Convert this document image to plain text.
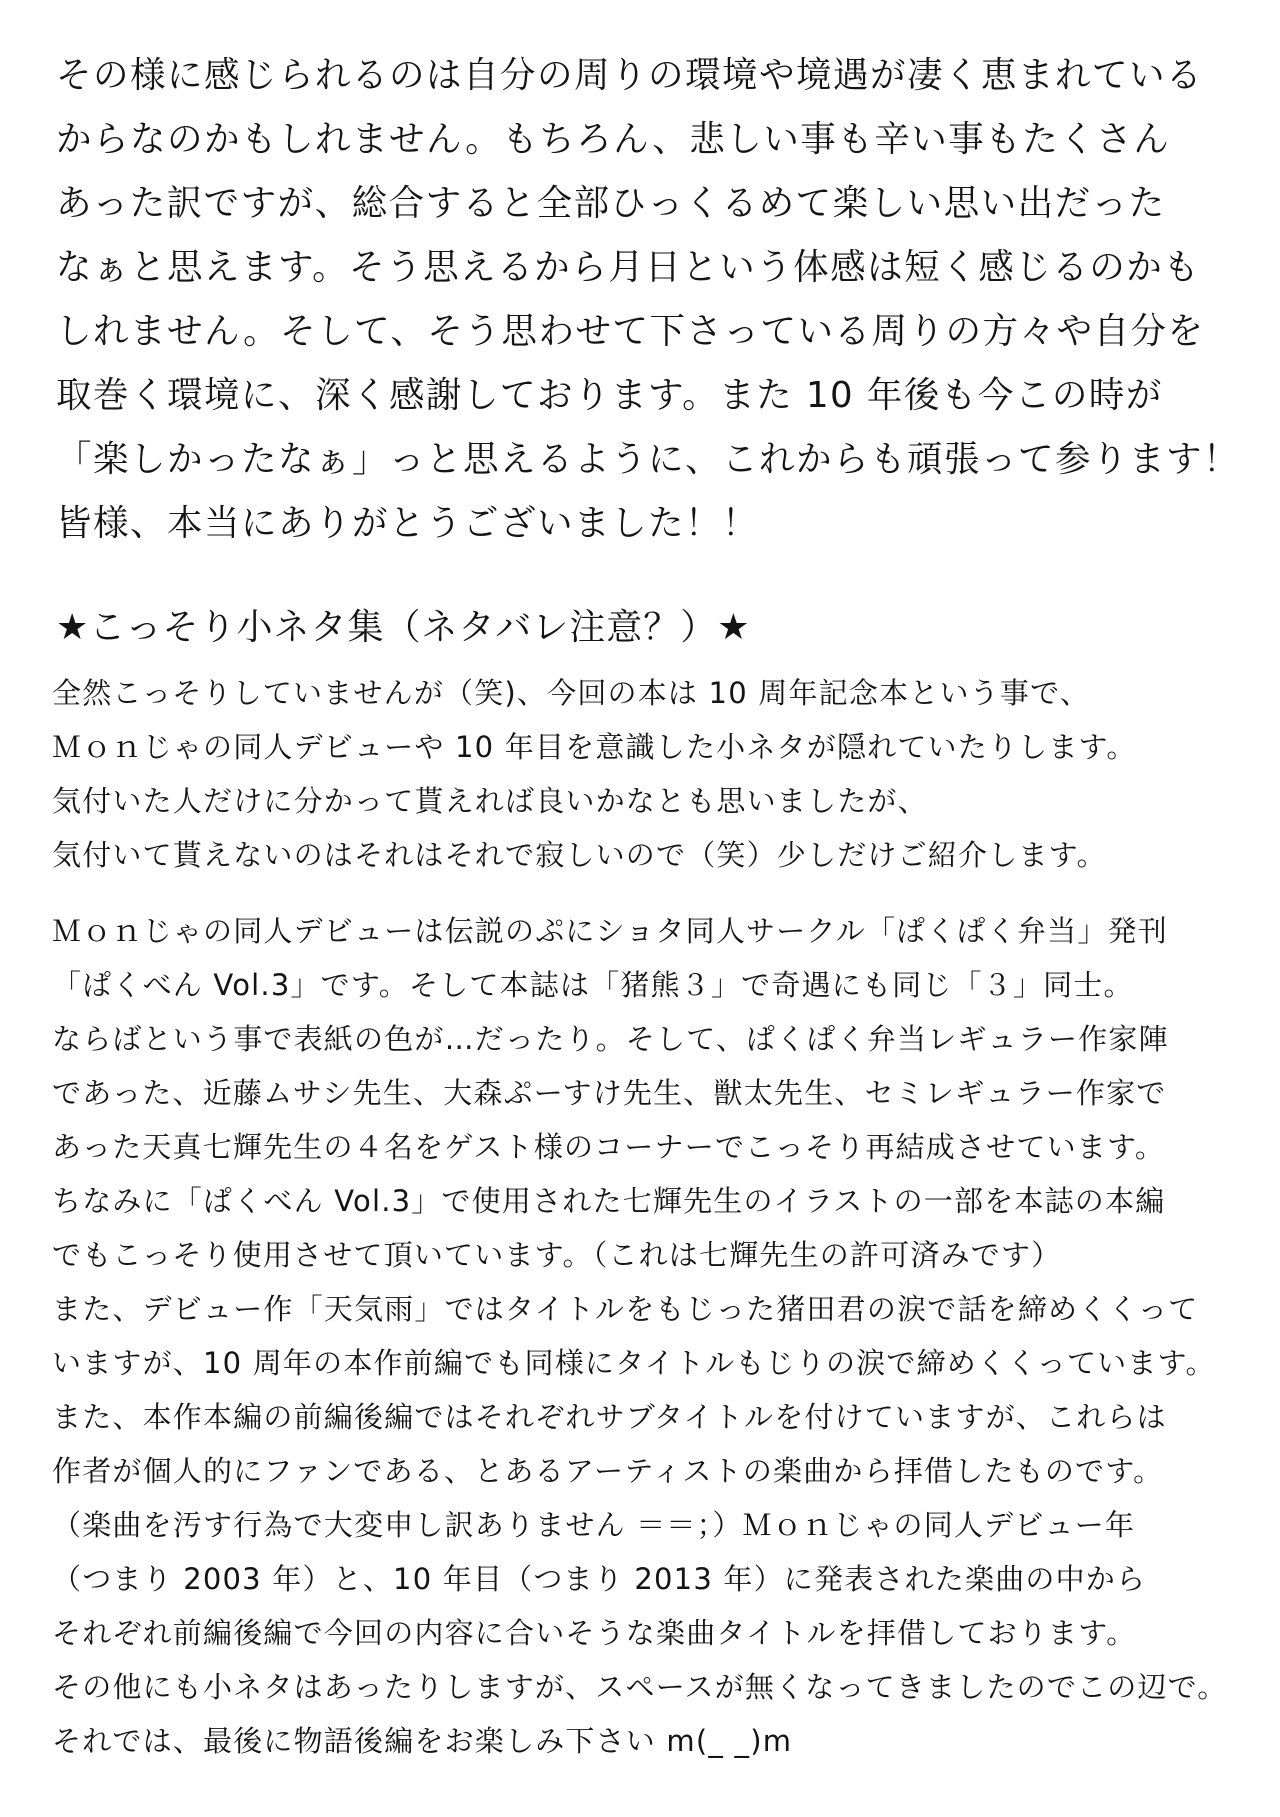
その様に感じられるのは自分の周りの環境や境遇が凄く恵まれている
からなのかもしれません。もちろん、悲しい事も辛い事もたくさん
あった訳ですが、総合すると全部ひっくるめて楽しい思い出だった
なぁと思えます。そう思えるから月日という体感は短く感じるのかも
しれません。そして、そう思わせて下さっている周りの方々や自分を
取巻く環境に、深く感謝しております。また 10 年後も今この時が
「楽しかったなぁ」っと思えるように、これからも頑張って参ります！
皆様、本当にありがとうございました！！
★こっそり小ネタ集（ネタバレ注意？）★
全然こっそりしていませんが（笑)、今回の本は 10 周年記念本という事で、
Ｍｏｎじゃの同人デビューや 10 年目を意識した小ネタが隠れていたりします。
気付いた人だけに分かって貰えれば良いかなとも思いましたが、
気付いて貰えないのはそれはそれで寂しいので（笑）少しだけご紹介します。
Ｍｏｎじゃの同人デビューは伝説のぷにショタ同人サークル「ぱくぱく弁当」発刊
「ぱくべん Vol.3」です。そして本誌は「猪熊３」で奇遇にも同じ「３」同士。
ならばという事で表紙の色が…だったり。そして、ぱくぱく弁当レギュラー作家陣
であった、近藤ムサシ先生、大森ぷーすけ先生、獣太先生、セミレギュラー作家で
あった天真七輝先生の４名をゲスト様のコーナーでこっそり再結成させています。
ちなみに「ぱくべん Vol.3」で使用された七輝先生のイラストの一部を本誌の本編
でもこっそり使用させて頂いています。（これは七輝先生の許可済みです）
また、デビュー作「天気雨」ではタイトルをもじった猪田君の涙で話を締めくくって
いますが、10 周年の本作前編でも同様にタイトルもじりの涙で締めくくっています。
また、本作本編の前編後編ではそれぞれサブタイトルを付けていますが、これらは
作者が個人的にファンである、とあるアーティストの楽曲から拝借したものです。
（楽曲を汚す行為で大変申し訳ありません ＝＝；）Ｍｏｎじゃの同人デビュー年
（つまり 2003 年）と、10 年目（つまり 2013 年）に発表された楽曲の中から
それぞれ前編後編で今回の内容に合いそうな楽曲タイトルを拝借しております。
その他にも小ネタはあったりしますが、スペースが無くなってきましたのでこの辺で。
それでは、最後に物語後編をお楽しみ下さい m(_ _)m
